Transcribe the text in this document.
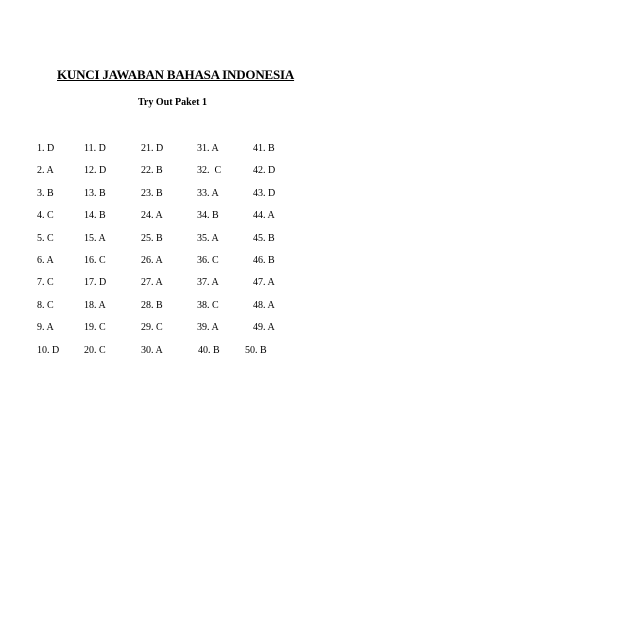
KUNCI JAWABAN BAHASA INDONESIA
Try Out Paket 1
1. D	11. D	21. D	31. A	41. B
2. A	12. D	22. B	32.  C	42. D
3. B	13. B	23. B	33. A	43. D
4. C	14. B	24. A	34. B	44. A
5. C	15. A	25. B	35. A	45. B
6. A	16. C	26. A	36. C	46. B
7. C	17. D	27. A	37. A	47. A
8. C	18. A	28. B	38. C	48. A
9. A	19. C	29. C	39. A	49. A
10. D 20. C	30. A	40. B	50. B
